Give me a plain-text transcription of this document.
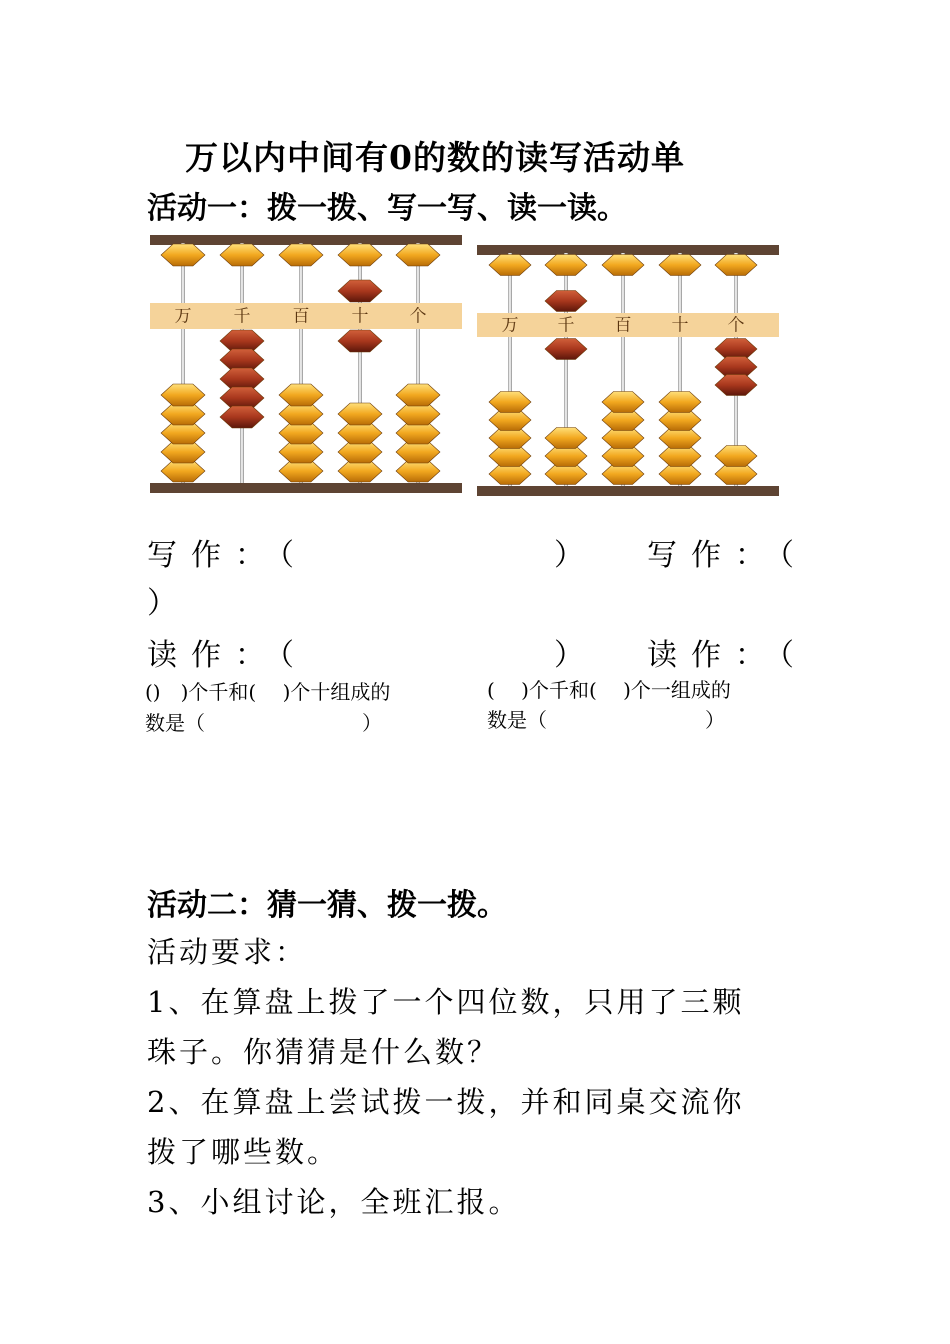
万以内中间有0的数的读写活动单
活动一：拨一拨、写一写、读一读。
万 千 百 十 个	万 千 百 十 个
写作：（	） 写作：（
）
读作：（	） 读作：（
()　)个千和(　 )个十组成的
数是（	）
(　 )个千和(　 )个一组成的
数是（	）
活动二：猜一猜、拨一拨。
活动要求：
1、在算盘上拨了一个四位数，只用了三颗
珠子。你猜猜是什么数？
2、在算盘上尝试拨一拨，并和同桌交流你
拨了哪些数。
3、小组讨论，全班汇报。
